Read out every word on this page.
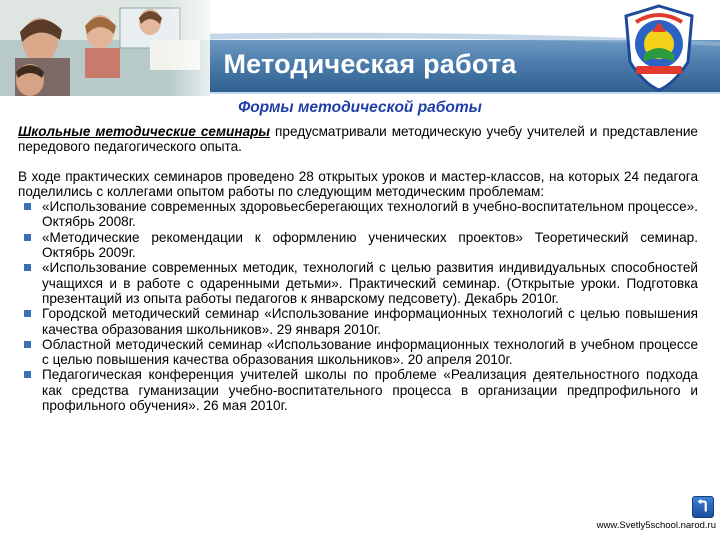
Методическая работа
Формы методической работы

Школьные методические семинары предусматривали методическую учебу учителей и представление передового педагогического опыта.

В ходе практических семинаров проведено 28 открытых уроков и мастер-классов, на которых 24 педагога поделились с коллегами опытом работы по следующим методическим проблемам:

«Использование современных здоровьесберегающих технологий в учебно-воспитательном процессе». Октябрь 2008г.
«Методические рекомендации к оформлению ученических проектов» Теоретический семинар. Октябрь 2009г.
«Использование современных методик, технологий с целью развития индивидуальных способностей учащихся и в работе с одаренными детьми». Практический семинар. (Открытые уроки. Подготовка презентаций из опыта работы педагогов к январскому педсовету). Декабрь 2010г.
Городской методический семинар «Использование информационных технологий с целью повышения качества образования школьников». 29 января 2010г.
Областной методический семинар «Использование информационных технологий в учебном процессе с целью повышения качества образования школьников». 20 апреля 2010г.
Педагогическая конференция учителей школы по проблеме «Реализация деятельностного подхода как средства гуманизации учебно-воспитательного процесса в организации предпрофильного и профильного обучения». 26 мая 2010г.
www.Svetly5school.narod.ru
